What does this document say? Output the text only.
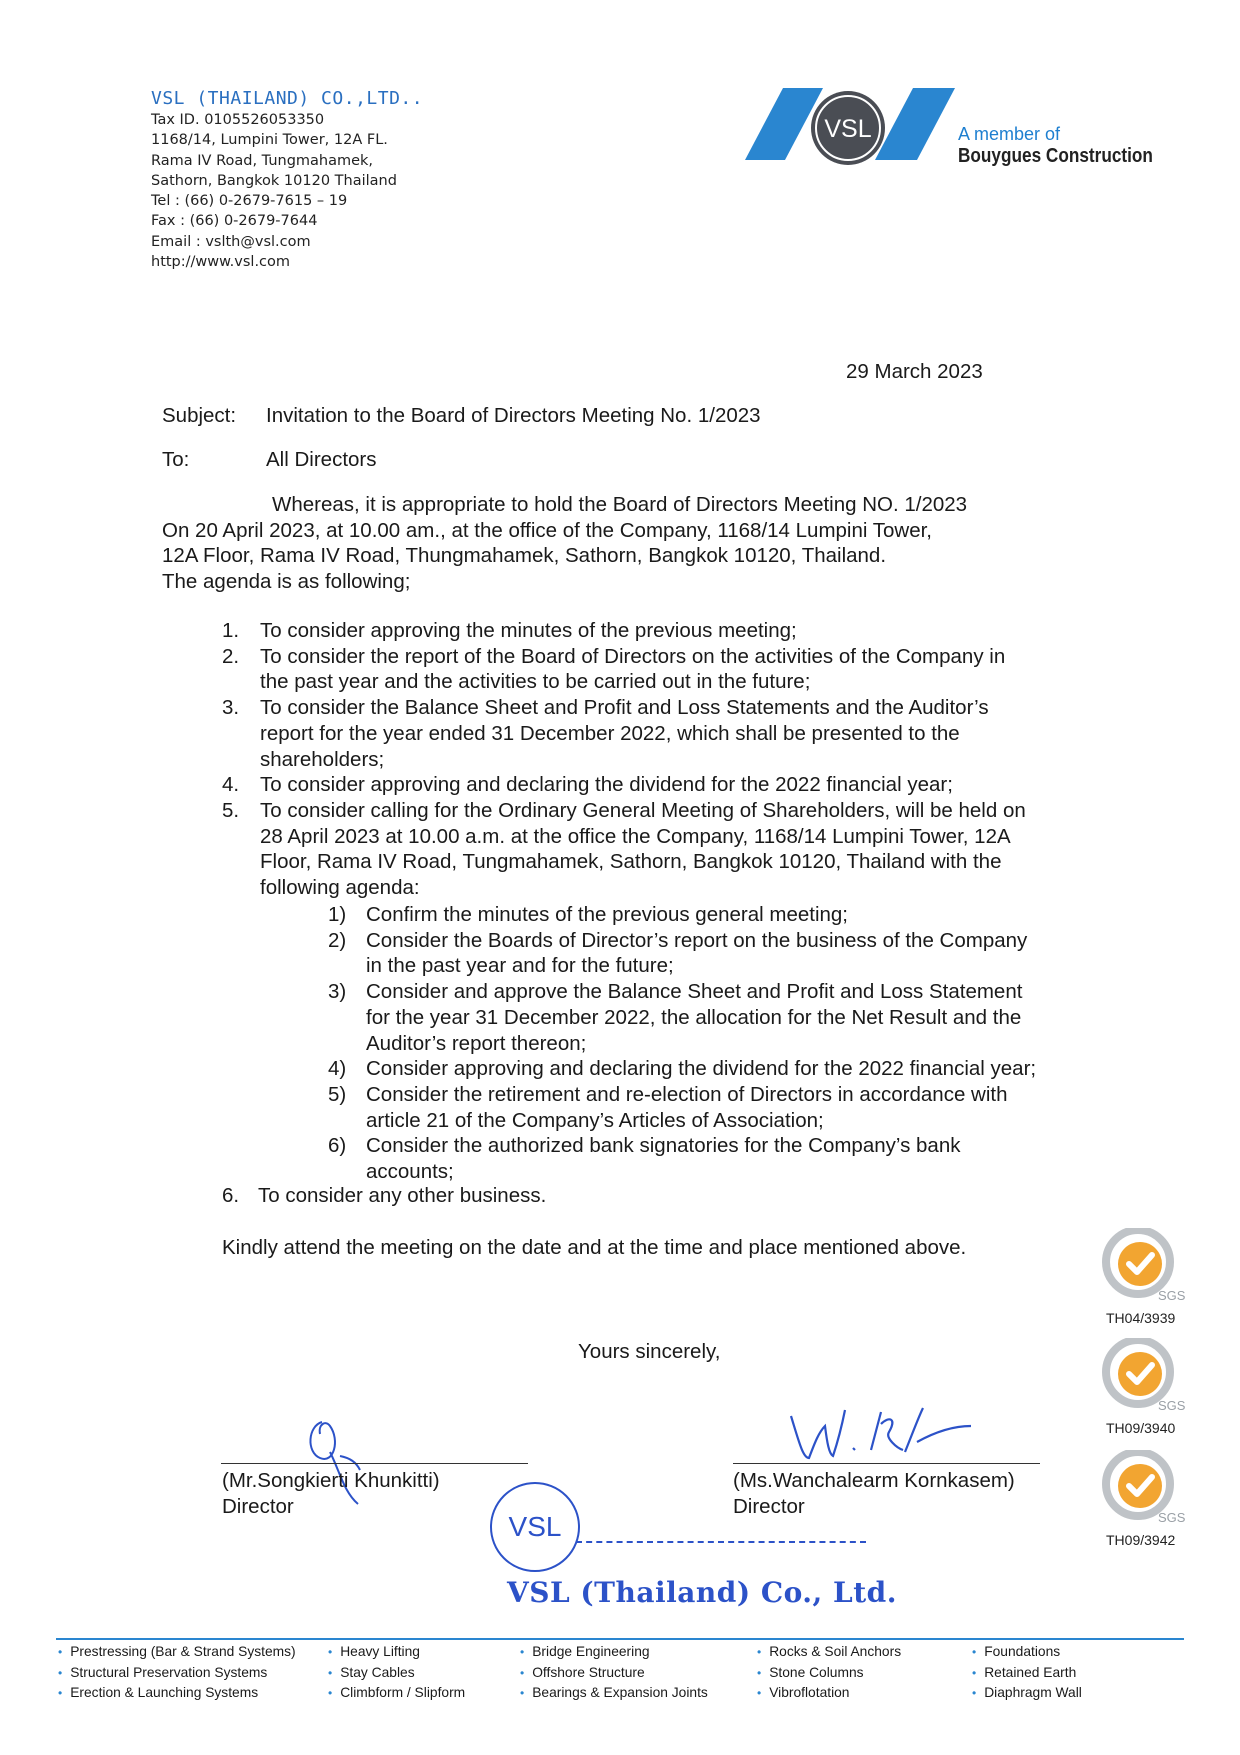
VSL (THAILAND) CO.,LTD..
Tax ID. 0105526053350
1168/14, Lumpini Tower, 12A FL.
Rama IV Road, Tungmahamek,
Sathorn, Bangkok 10120 Thailand
Tel : (66) 0-2679-7615 – 19
Fax : (66) 0-2679-7644
Email : vslth@vsl.com
http://www.vsl.com
VSL	A member of
Bouygues Construction
29 March 2023
Subject: Invitation to the Board of Directors Meeting No. 1/2023
To:	All Directors
Whereas, it is appropriate to hold the Board of Directors Meeting NO. 1/2023
On 20 April 2023, at 10.00 am., at the office of the Company, 1168/14 Lumpini Tower,
12A Floor, Rama IV Road, Thungmahamek, Sathorn, Bangkok 10120, Thailand.
The agenda is as following;
1.	To consider approving the minutes of the previous meeting;
2.	To consider the report of the Board of Directors on the activities of the Company in
the past year and the activities to be carried out in the future;
3.	To consider the Balance Sheet and Profit and Loss Statements and the Auditor’s
report for the year ended 31 December 2022, which shall be presented to the
shareholders;
4.	To consider approving and declaring the dividend for the 2022 financial year;
5.	To consider calling for the Ordinary General Meeting of Shareholders, will be held on
28 April 2023 at 10.00 a.m. at the office the Company, 1168/14 Lumpini Tower, 12A
Floor, Rama IV Road, Tungmahamek, Sathorn, Bangkok 10120, Thailand with the
following agenda:
1) Confirm the minutes of the previous general meeting;
2) Consider the Boards of Director’s report on the business of the Company
in the past year and for the future;
3) Consider and approve the Balance Sheet and Profit and Loss Statement
for the year 31 December 2022, the allocation for the Net Result and the
Auditor’s report thereon;
4) Consider approving and declaring the dividend for the 2022 financial year;
5) Consider the retirement and re-election of Directors in accordance with
article 21 of the Company’s Articles of Association;
6) Consider the authorized bank signatories for the Company’s bank
accounts;
6. To consider any other business.
Kindly attend the meeting on the date and at the time and place mentioned above.
Yours sincerely,
(Mr.Songkierti Khunkitti)
Director
(Ms.Wanchalearm Kornkasem)
Director
VSL
VSL (Thailand) Co., Ltd.
SGS
TH04/3939
SGS
TH09/3940
SGS
TH09/3942
• Prestressing (Bar & Strand Systems)
• Structural Preservation Systems
• Erection & Launching Systems
• Heavy Lifting
• Stay Cables
• Climbform / Slipform
• Bridge Engineering
• Offshore Structure
• Bearings & Expansion Joints
• Rocks & Soil Anchors
• Stone Columns
• Vibroflotation
• Foundations
• Retained Earth
• Diaphragm Wall
